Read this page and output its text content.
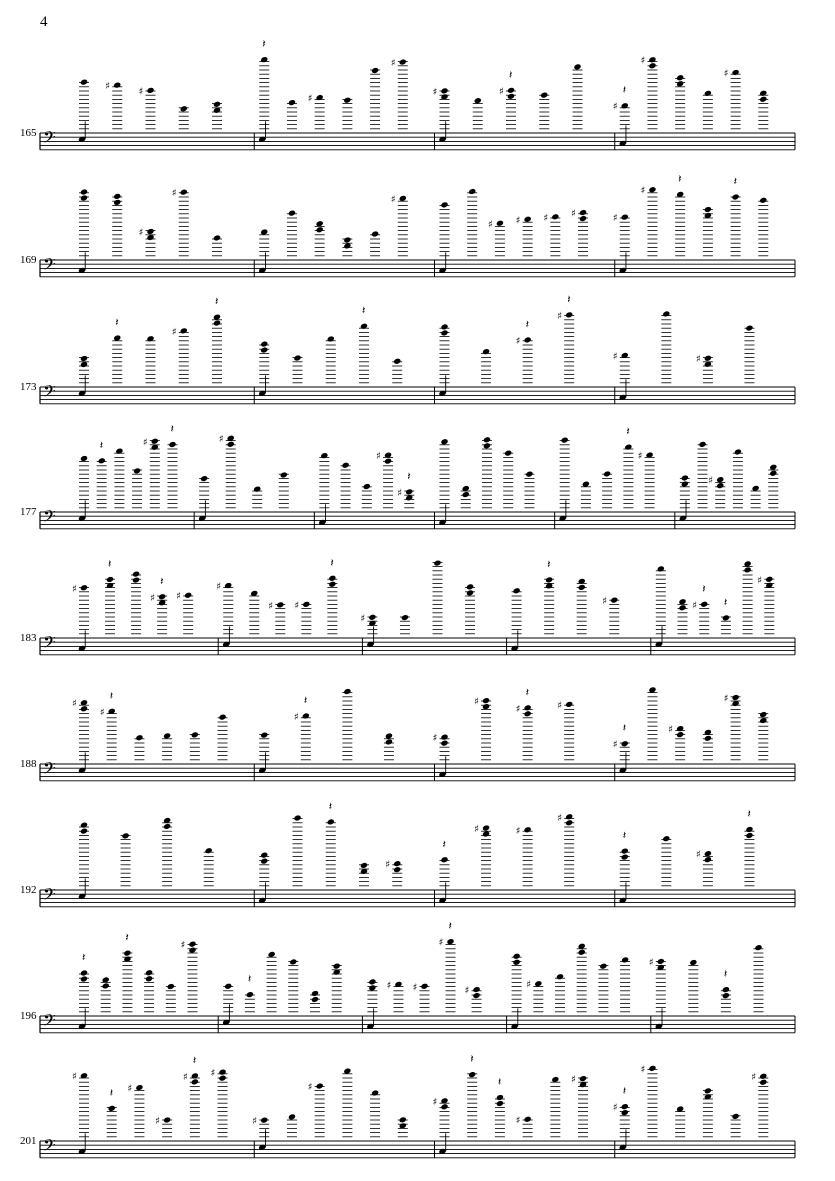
4
165 𝄢
♯	♯
𝄽
♯
♯
♯	♯
𝄽
♯
𝄽
♯
♯
169 𝄢
♯
♯
♯
♯ ♯ ♯ ♯	♯
♯
𝄽	𝄽
173 𝄢
𝄽
♯
𝄽
𝄽
♯
𝄽
♯
𝄽
♯	♯
177 𝄢
𝄽	♯
𝄽
♯
♯
♯
𝄽
𝄽
♯
♯
183 𝄢
♯
𝄽
♯
𝄽
♯
♯
♯ ♯
𝄽
♯
𝄽
♯	♯
𝄽
𝄽
♯
188 𝄢
♯
♯
𝄽
♯
𝄽
♯
♯
♯
𝄽
♯
♯
𝄽	♯
♯
192 𝄢
𝄽
♯
𝄽
♯	♯
♯
𝄽
♯
𝄽
196 𝄢
𝄽
𝄽
♯
𝄽
♯ ♯
♯
𝄽
♯
♯
♯
𝄽
201 𝄢
♯
𝄽 ♯
♯
♯
𝄽
♯
♯
♯
♯
𝄽
𝄽
♯
♯
♯
𝄽
♯
♯
